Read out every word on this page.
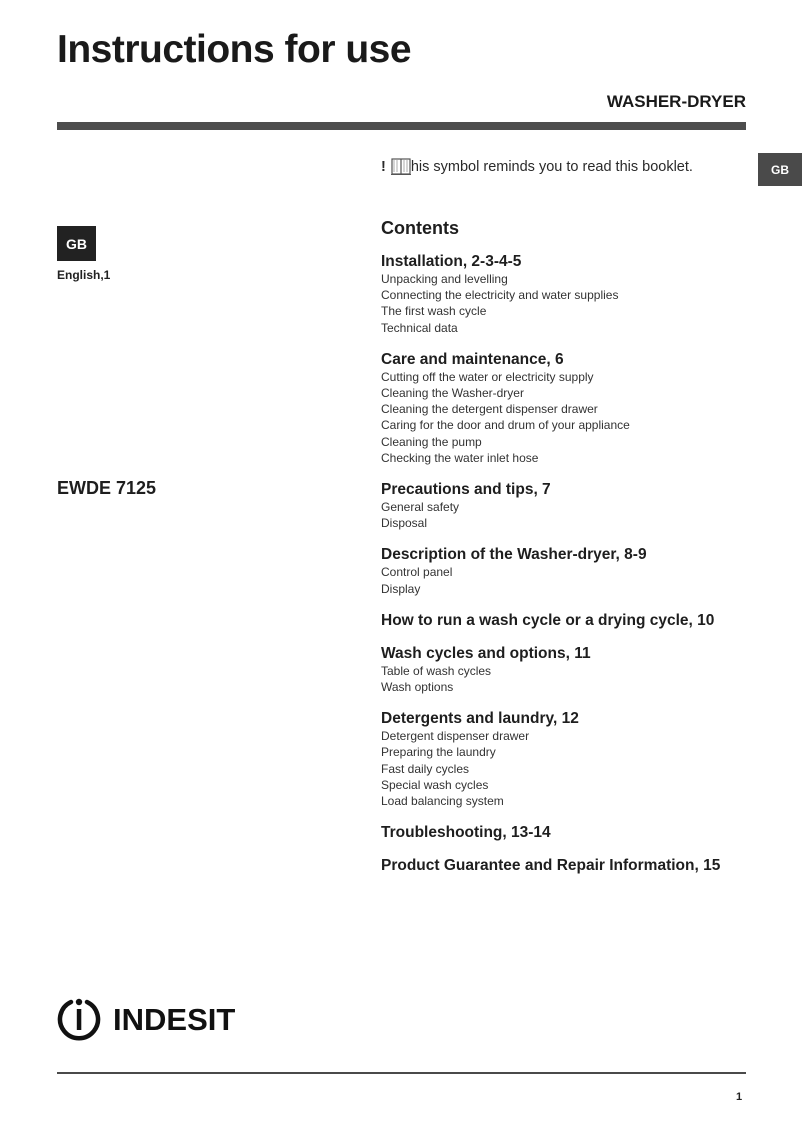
Instructions for use
WASHER-DRYER
! his symbol reminds you to read this booklet.	GB
GB
English,1
EWDE 7125
Contents
Installation, 2-3-4-5
Unpacking and levelling
Connecting the electricity and water supplies
The first wash cycle
Technical data
Care and maintenance, 6
Cutting off the water or electricity supply
Cleaning the Washer-dryer
Cleaning the detergent dispenser drawer
Caring for the door and drum of your appliance
Cleaning the pump
Checking the water inlet hose
Precautions and tips, 7
General safety
Disposal
Description of the Washer-dryer, 8-9
Control panel
Display
How to run a wash cycle or a drying cycle, 10
Wash cycles and options, 11
Table of wash cycles
Wash options
Detergents and laundry, 12
Detergent dispenser drawer
Preparing the laundry
Fast daily cycles
Special wash cycles
Load balancing system
Troubleshooting, 13-14
Product Guarantee and Repair Information, 15
INDESIT
1
